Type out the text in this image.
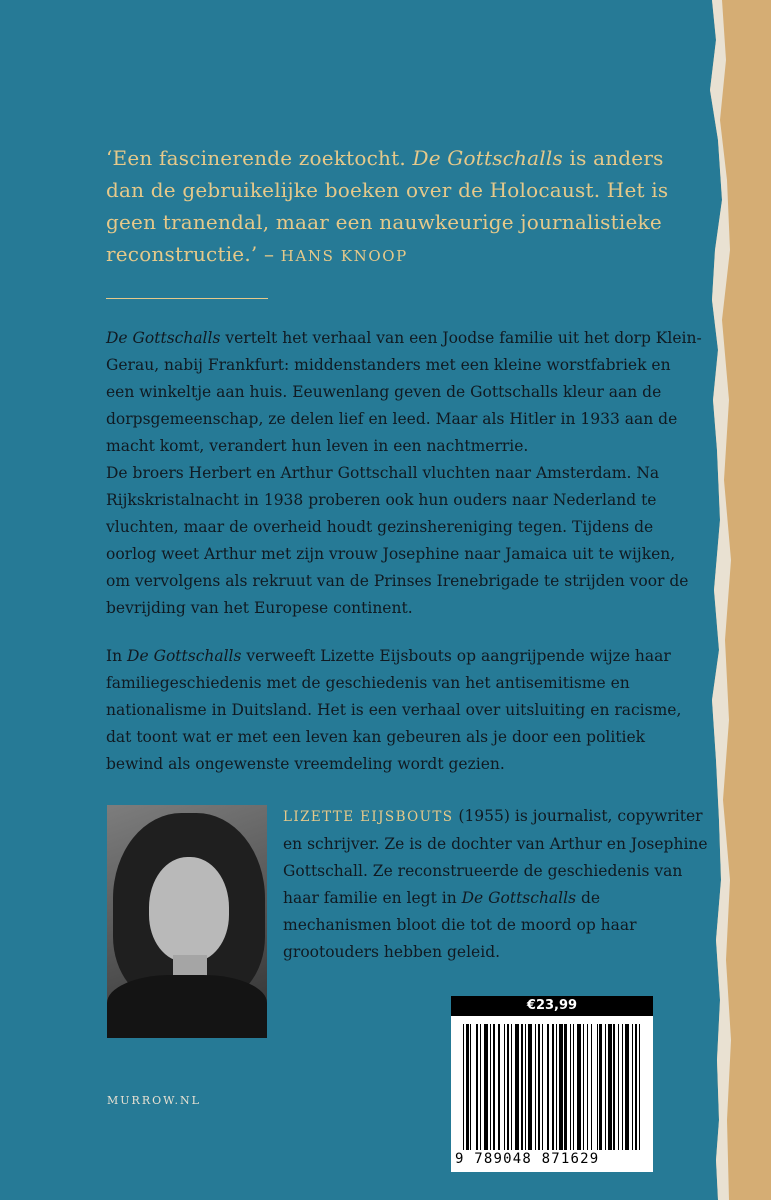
‘Een fascinerende zoektocht. De Gottschalls is anders dan de gebruikelijke boeken over de Holocaust. Het is geen tranendal, maar een nauwkeurige journalistieke reconstructie.’ – HANS KNOOP

De Gottschalls vertelt het verhaal van een Joodse familie uit het dorp Klein-Gerau, nabij Frankfurt: middenstanders met een kleine worstfabriek en een winkeltje aan huis. Eeuwenlang geven de Gottschalls kleur aan de dorpsgemeenschap, ze delen lief en leed. Maar als Hitler in 1933 aan de macht komt, verandert hun leven in een nachtmerrie.
De broers Herbert en Arthur Gottschall vluchten naar Amsterdam. Na Rijkskristalnacht in 1938 proberen ook hun ouders naar Nederland te vluchten, maar de overheid houdt gezinshereniging tegen. Tijdens de oorlog weet Arthur met zijn vrouw Josephine naar Jamaica uit te wijken, om vervolgens als rekruut van de Prinses Irenebrigade te strijden voor de bevrijding van het Europese continent.

In De Gottschalls verweeft Lizette Eijsbouts op aangrijpende wijze haar familiegeschiedenis met de geschiedenis van het antisemitisme en nationalisme in Duitsland. Het is een verhaal over uitsluiting en racisme, dat toont wat er met een leven kan gebeuren als je door een politiek bewind als ongewenste vreemdeling wordt gezien.

LIZETTE EIJSBOUTS (1955) is journalist, copywriter en schrijver. Ze is de dochter van Arthur en Josephine Gottschall. Ze reconstrueerde de geschiedenis van haar familie en legt in De Gottschalls de mechanismen bloot die tot de moord op haar grootouders hebben geleid.

MURROW.NL
€23,99
9 789048 871629
